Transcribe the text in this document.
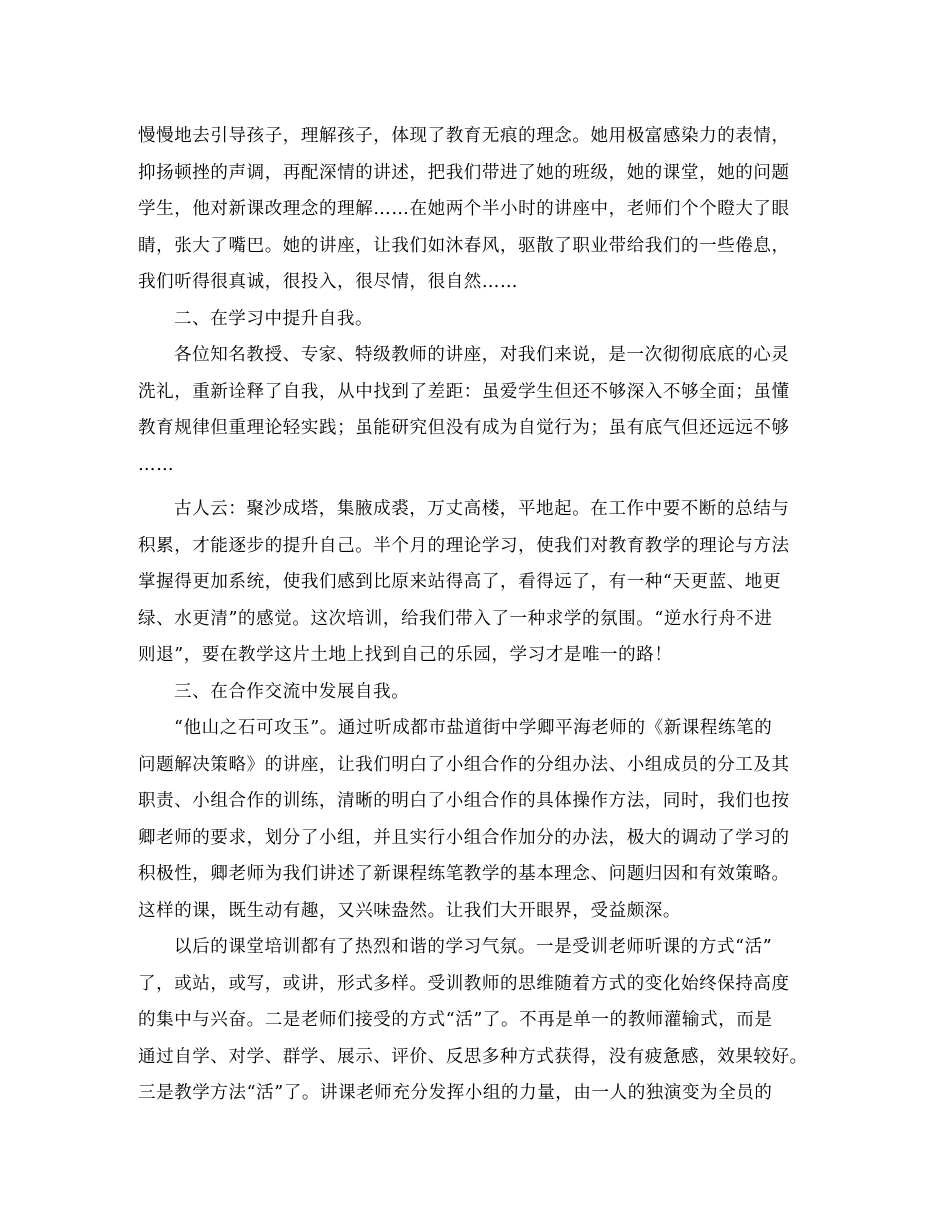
慢慢地去引导孩子，理解孩子，体现了教育无痕的理念。她用极富感染力的表情，
抑扬顿挫的声调，再配深情的讲述，把我们带进了她的班级，她的课堂，她的问题
学生，他对新课改理念的理解……在她两个半小时的讲座中，老师们个个瞪大了眼
睛，张大了嘴巴。她的讲座，让我们如沐春风，驱散了职业带给我们的一些倦息，
我们听得很真诚，很投入，很尽情，很自然……
二、在学习中提升自我。
各位知名教授、专家、特级教师的讲座，对我们来说，是一次彻彻底底的心灵
洗礼，重新诠释了自我，从中找到了差距：虽爱学生但还不够深入不够全面；虽懂
教育规律但重理论轻实践；虽能研究但没有成为自觉行为；虽有底气但还远远不够
……
古人云：聚沙成塔，集腋成裘，万丈高楼，平地起。在工作中要不断的总结与
积累，才能逐步的提升自己。半个月的理论学习，使我们对教育教学的理论与方法
掌握得更加系统，使我们感到比原来站得高了，看得远了，有一种“天更蓝、地更
绿、水更清”的感觉。这次培训，给我们带入了一种求学的氛围。“逆水行舟不进
则退”，要在教学这片土地上找到自己的乐园，学习才是唯一的路！
三、在合作交流中发展自我。
“他山之石可攻玉”。通过听成都市盐道街中学卿平海老师的《新课程练笔的
问题解决策略》的讲座，让我们明白了小组合作的分组办法、小组成员的分工及其
职责、小组合作的训练，清晰的明白了小组合作的具体操作方法，同时，我们也按
卿老师的要求，划分了小组，并且实行小组合作加分的办法，极大的调动了学习的
积极性，卿老师为我们讲述了新课程练笔教学的基本理念、问题归因和有效策略。
这样的课，既生动有趣，又兴味盎然。让我们大开眼界，受益颇深。
以后的课堂培训都有了热烈和谐的学习气氛。一是受训老师听课的方式“活”
了，或站，或写，或讲，形式多样。受训教师的思维随着方式的变化始终保持高度
的集中与兴奋。二是老师们接受的方式“活”了。不再是单一的教师灌输式，而是
通过自学、对学、群学、展示、评价、反思多种方式获得，没有疲惫感，效果较好。
三是教学方法“活”了。讲课老师充分发挥小组的力量，由一人的独演变为全员的
